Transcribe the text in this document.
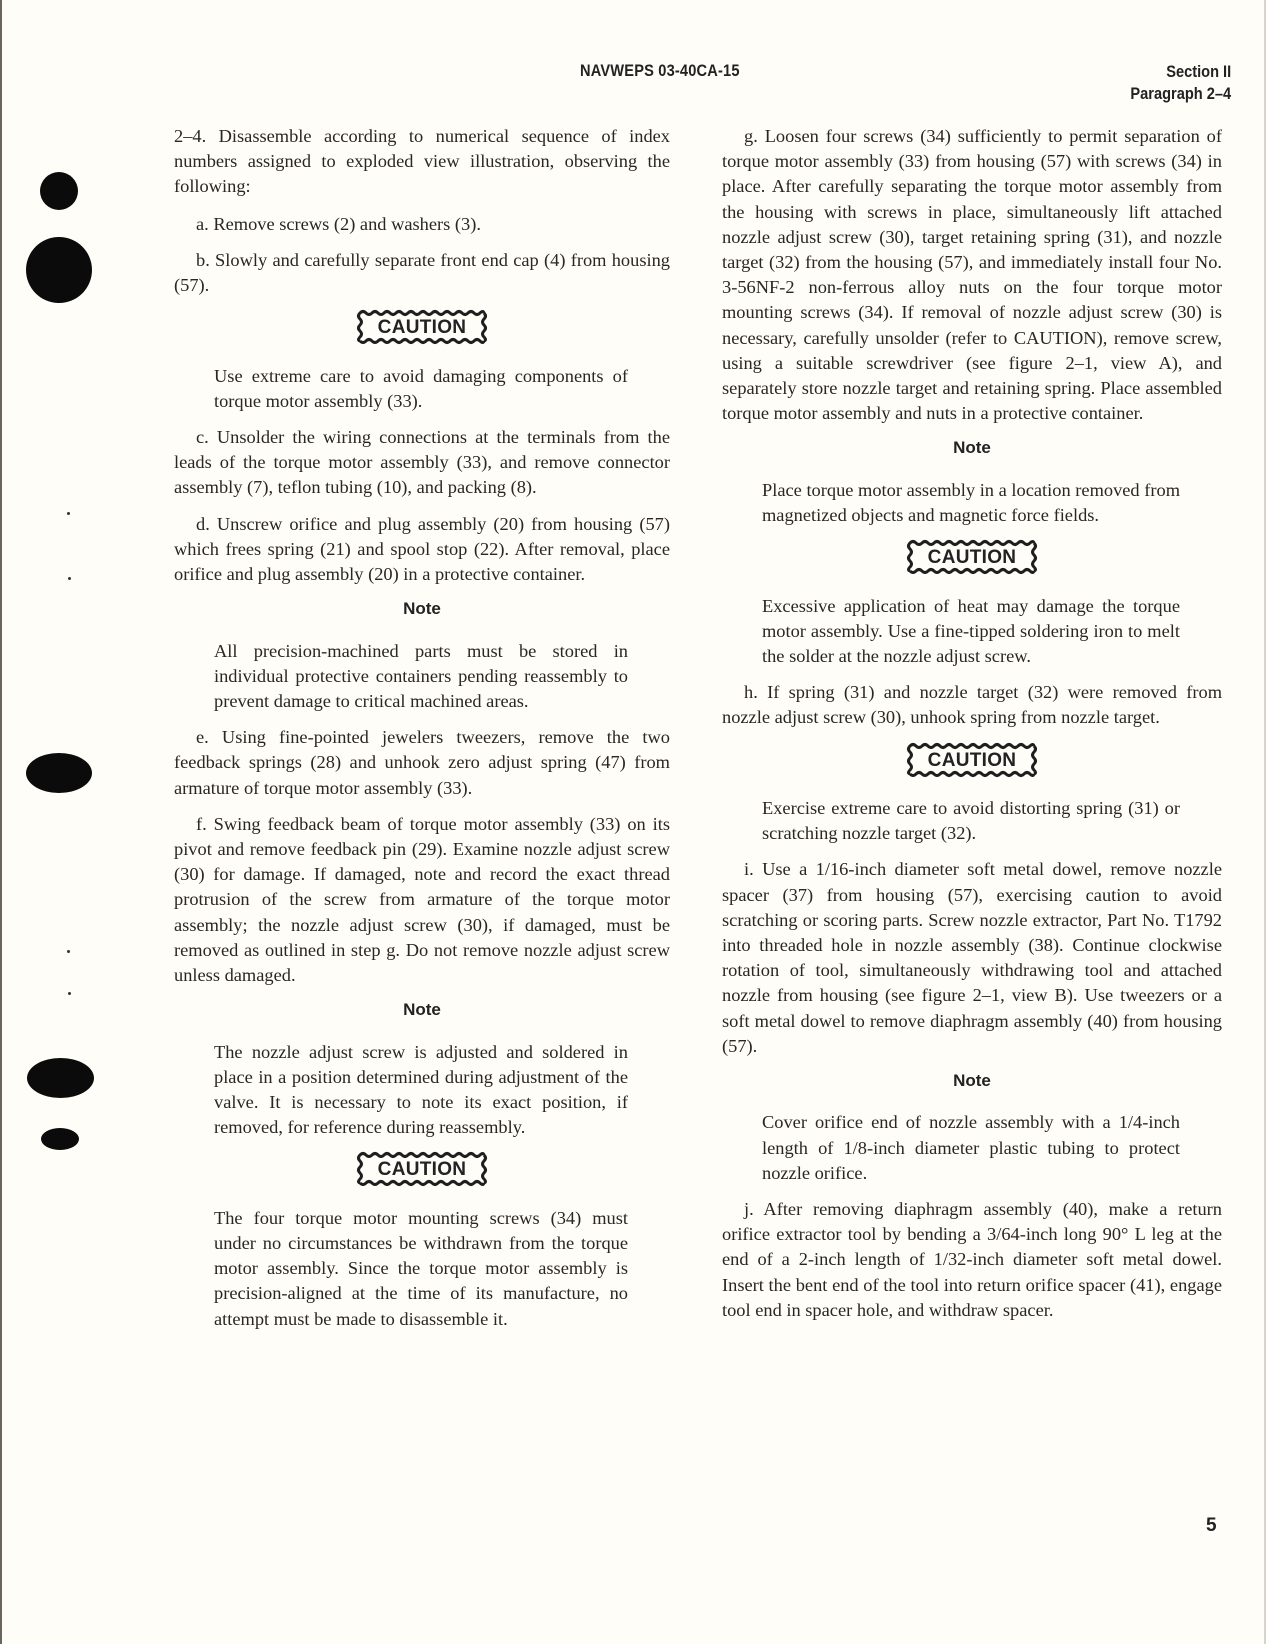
NAVWEPS 03-40CA-15	Section II
Paragraph 2–4

2–4. Disassemble according to numerical sequence of index numbers assigned to exploded view illustration, observing the following:

a. Remove screws (2) and washers (3).

b. Slowly and carefully separate front end cap (4) from housing (57).

CAUTION

Use extreme care to avoid damaging components of torque motor assembly (33).

c. Unsolder the wiring connections at the terminals from the leads of the torque motor assembly (33), and remove connector assembly (7), teflon tubing (10), and packing (8).

d. Unscrew orifice and plug assembly (20) from housing (57) which frees spring (21) and spool stop (22). After removal, place orifice and plug assembly (20) in a protective container.

Note

All precision-machined parts must be stored in individual protective containers pending reassembly to prevent damage to critical machined areas.

e. Using fine-pointed jewelers tweezers, remove the two feedback springs (28) and unhook zero adjust spring (47) from armature of torque motor assembly (33).

f. Swing feedback beam of torque motor assembly (33) on its pivot and remove feedback pin (29). Examine nozzle adjust screw (30) for damage. If damaged, note and record the exact thread protrusion of the screw from armature of the torque motor assembly; the nozzle adjust screw (30), if damaged, must be removed as outlined in step g. Do not remove nozzle adjust screw unless damaged.

Note

The nozzle adjust screw is adjusted and soldered in place in a position determined during adjustment of the valve. It is necessary to note its exact position, if removed, for reference during reassembly.

CAUTION

The four torque motor mounting screws (34) must under no circumstances be withdrawn from the torque motor assembly. Since the torque motor assembly is precision-aligned at the time of its manufacture, no attempt must be made to disassemble it.

g. Loosen four screws (34) sufficiently to permit separation of torque motor assembly (33) from housing (57) with screws (34) in place. After carefully separating the torque motor assembly from the housing with screws in place, simultaneously lift attached nozzle adjust screw (30), target retaining spring (31), and nozzle target (32) from the housing (57), and immediately install four No. 3-56NF-2 non-ferrous alloy nuts on the four torque motor mounting screws (34). If removal of nozzle adjust screw (30) is necessary, carefully unsolder (refer to CAUTION), remove screw, using a suitable screwdriver (see figure 2–1, view A), and separately store nozzle target and retaining spring. Place assembled torque motor assembly and nuts in a protective container.

Note

Place torque motor assembly in a location removed from magnetized objects and magnetic force fields.

CAUTION

Excessive application of heat may damage the torque motor assembly. Use a fine-tipped soldering iron to melt the solder at the nozzle adjust screw.

h. If spring (31) and nozzle target (32) were removed from nozzle adjust screw (30), unhook spring from nozzle target.

CAUTION

Exercise extreme care to avoid distorting spring (31) or scratching nozzle target (32).

i. Use a 1/16-inch diameter soft metal dowel, remove nozzle spacer (37) from housing (57), exercising caution to avoid scratching or scoring parts. Screw nozzle extractor, Part No. T1792 into threaded hole in nozzle assembly (38). Continue clockwise rotation of tool, simultaneously withdrawing tool and attached nozzle from housing (see figure 2–1, view B). Use tweezers or a soft metal dowel to remove diaphragm assembly (40) from housing (57).

Note

Cover orifice end of nozzle assembly with a 1/4-inch length of 1/8-inch diameter plastic tubing to protect nozzle orifice.

j. After removing diaphragm assembly (40), make a return orifice extractor tool by bending a 3/64-inch long 90° L leg at the end of a 2-inch length of 1/32-inch diameter soft metal dowel. Insert the bent end of the tool into return orifice spacer (41), engage tool end in spacer hole, and withdraw spacer.

5
